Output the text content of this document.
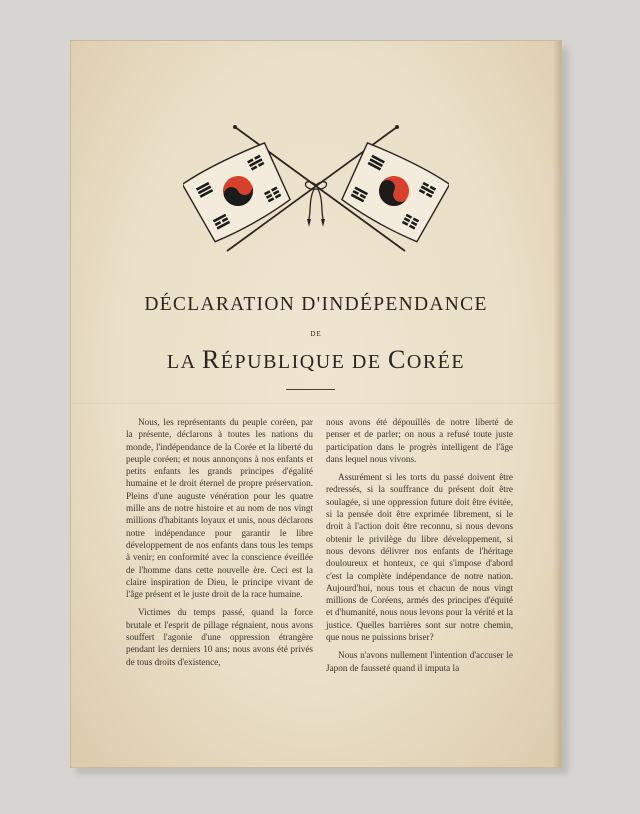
DÉCLARATION D'INDÉPENDANCE
DE
LA RÉPUBLIQUE DE CORÉE

Nous, les représentants du peuple coréen, par la présente, déclarons à toutes les nations du monde, l'indépendance de la Corée et la liberté du peuple coréen; et nous annonçons à nos enfants et petits enfants les grands principes d'égalité humaine et le droit éternel de propre préservation. Pleins d'une auguste vénération pour les quatre mille ans de notre histoire et au nom de nos vingt millions d'habitants loyaux et unis, nous déclarons notre indépendance pour garantir le libre développement de nos enfants dans tous les temps à venir; en conformité avec la conscience éveillée de l'homme dans cette nouvelle ère. Ceci est la claire inspiration de Dieu, le principe vivant de l'âge présent et le juste droit de la race humaine.

Victimes du temps passé, quand la force brutale et l'esprit de pillage régnaient, nous avons souffert l'agonie d'une oppression étrangère pendant les derniers 10 ans; nous avons été privés de tous droits d'existence,

nous avons été dépouillés de notre liberté de penser et de parler; on nous a refusé toute juste participation dans le progrès intelligent de l'âge dans lequel nous vivons.

Assurément si les torts du passé doivent être redressés, si la souffrance du présent doit être soulagée, si une oppression future doit être évitée, si la pensée doit être exprimée librement, si le droit à l'action doit être reconnu, si nous devons obtenir le privilège du libre développement, si nous devons délivrer nos enfants de l'héritage douloureux et honteux, ce qui s'impose d'abord c'est la complète indépendance de notre nation. Aujourd'hui, nous tous et chacun de nous vingt millions de Coréens, armés des principes d'équité et d'humanité, nous nous levons pour la vérité et la justice. Quelles barrières sont sur notre chemin, que nous ne puissions briser?

Nous n'avons nullement l'intention d'accuser le Japon de fausseté quand il imputa la
